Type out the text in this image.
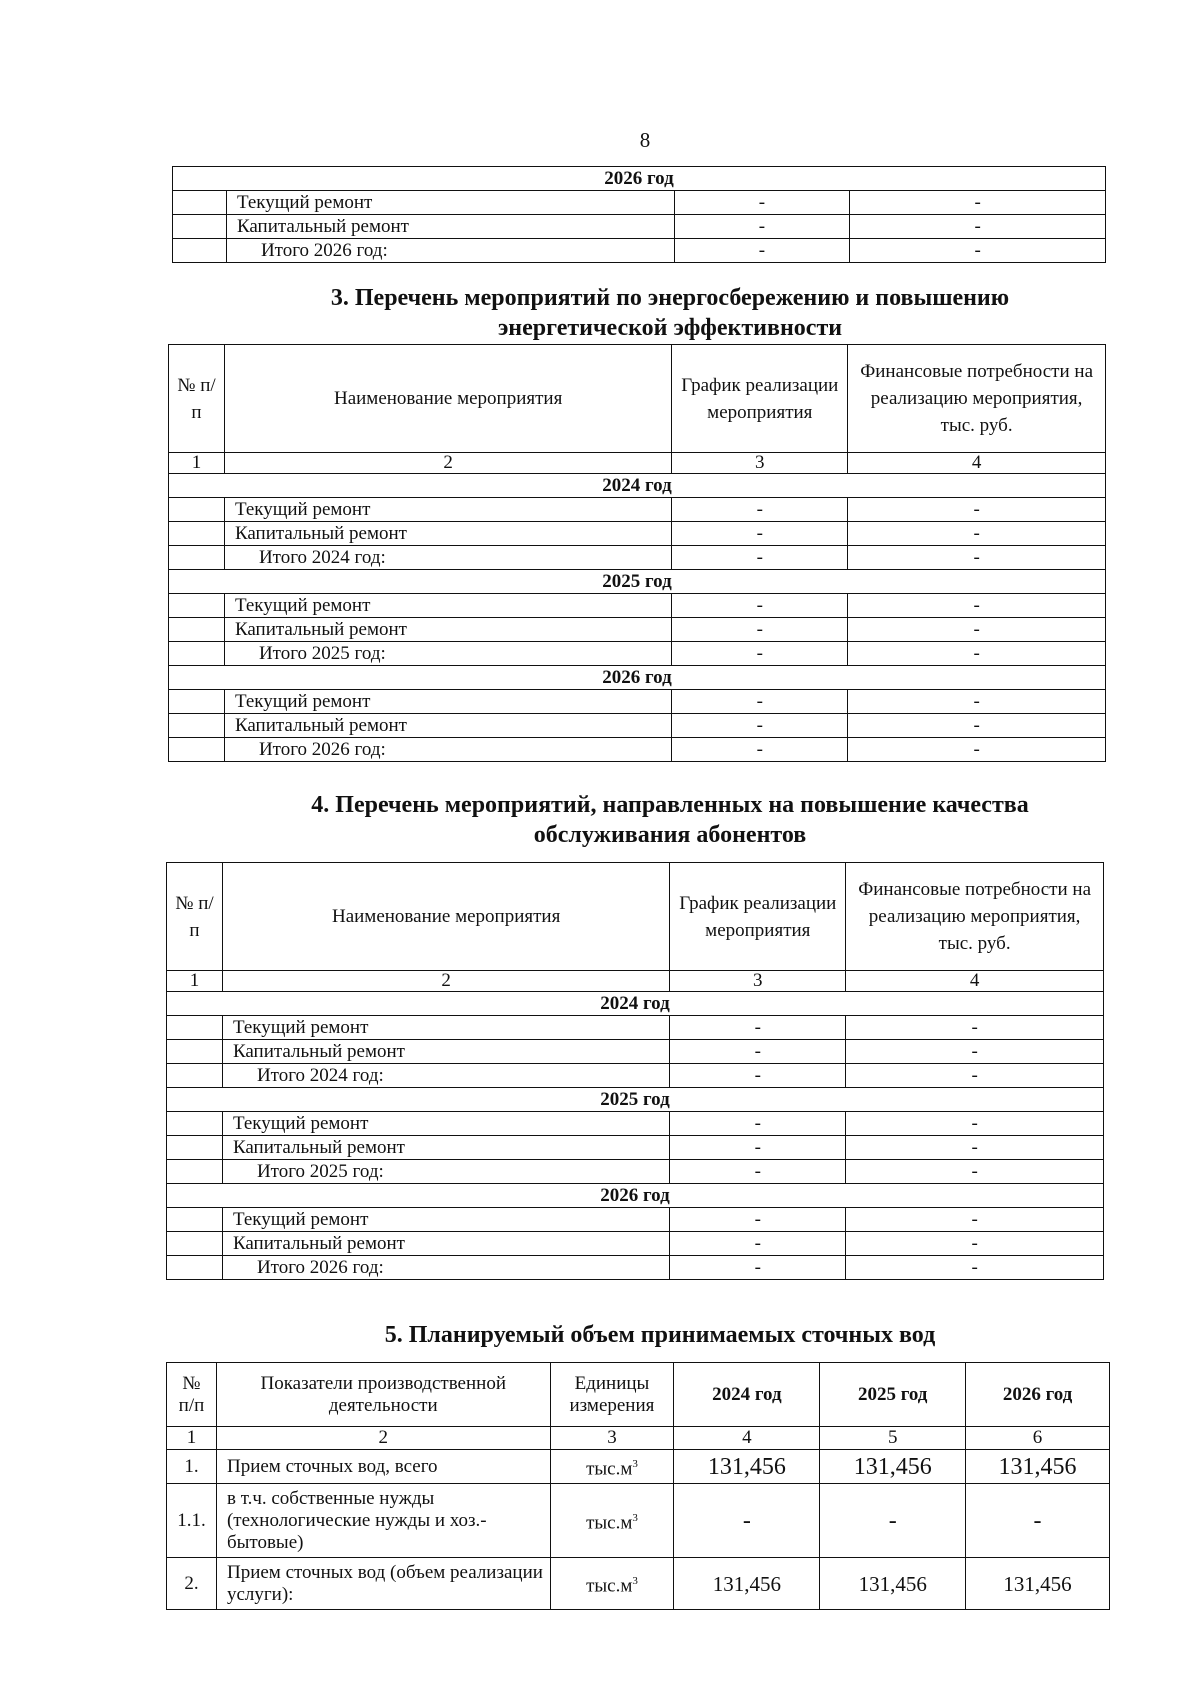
8
2026 год			
	Текущий ремонт	-	-
	Капитальный ремонт	-	-
	Итого 2026 год:	-	-
3. Перечень мероприятий по энергосбережению и повышению
энергетической эффективности
№ п/п	Наименование мероприятия	График реализации мероприятия	Финансовые потребности на реализацию мероприятия, тыс. руб.
1	2	3	4
2024 год			
	Текущий ремонт	-	-
	Капитальный ремонт	-	-
	Итого 2024 год:	-	-
2025 год			
	Текущий ремонт	-	-
	Капитальный ремонт	-	-
	Итого 2025 год:	-	-
2026 год			
	Текущий ремонт	-	-
	Капитальный ремонт	-	-
	Итого 2026 год:	-	-
4. Перечень мероприятий, направленных на повышение качества
обслуживания абонентов
№ п/п	Наименование мероприятия	График реализации мероприятия	Финансовые потребности на реализацию мероприятия, тыс. руб.
1	2	3	4
2024 год			
	Текущий ремонт	-	-
	Капитальный ремонт	-	-
	Итого 2024 год:	-	-
2025 год			
	Текущий ремонт	-	-
	Капитальный ремонт	-	-
	Итого 2025 год:	-	-
2026 год			
	Текущий ремонт	-	-
	Капитальный ремонт	-	-
	Итого 2026 год:	-	-
5. Планируемый объем принимаемых сточных вод
№ п/п	Показатели производственной деятельности	Единицы измерения	2024 год	2025 год	2026 год
1	2	3	4	5	6
1.	Прием сточных вод, всего	$тыс.м^3$	131,456	131,456	131,456
1.1.	в т.ч. собственные нужды (технологические нужды и хоз.-бытовые)	$тыс.м^3$	-	-	-
2.	Прием сточных вод (объем реализации услуги):	$тыс.м^3$	131,456	131,456	131,456
